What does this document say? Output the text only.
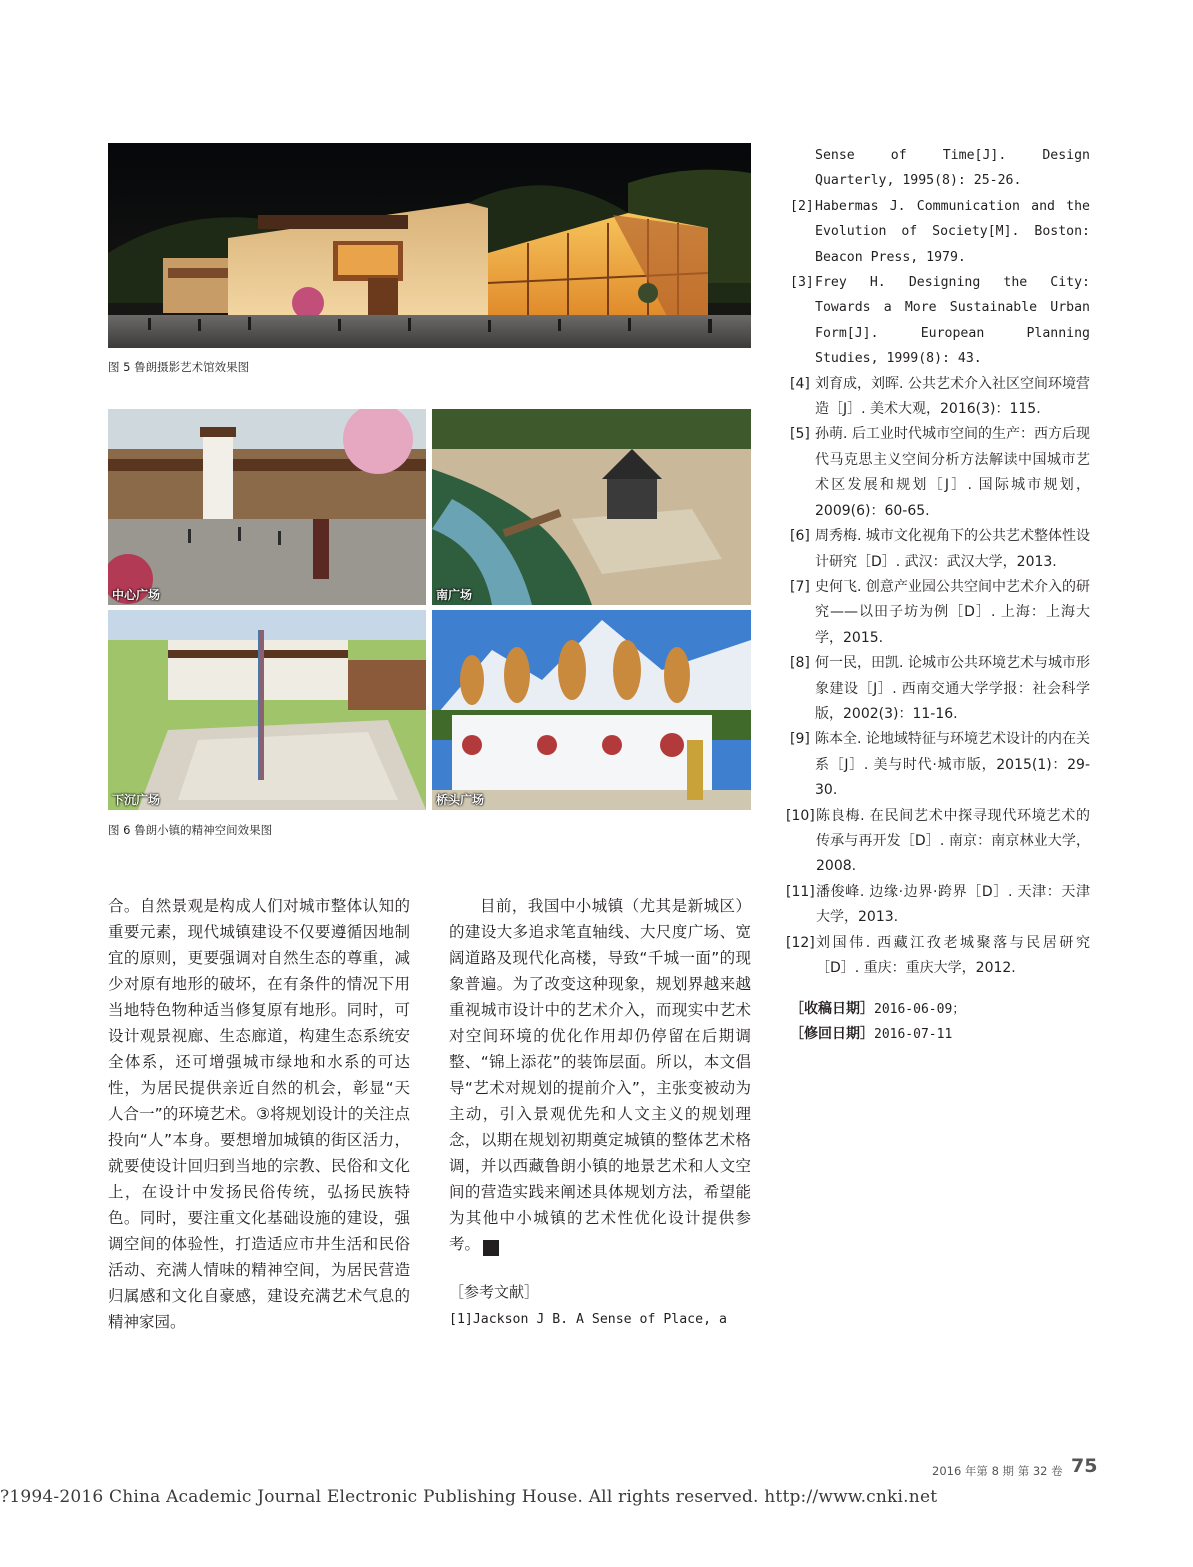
图 5 鲁朗摄影艺术馆效果图
中心广场	南广场
下沉广场	桥头广场
图 6 鲁朗小镇的精神空间效果图

合。自然景观是构成人们对城市整体认知的重要元素，现代城镇建设不仅要遵循因地制宜的原则，更要强调对自然生态的尊重，减少对原有地形的破坏，在有条件的情况下用当地特色物种适当修复原有地形。同时，可设计观景视廊、生态廊道，构建生态系统安全体系，还可增强城市绿地和水系的可达性，为居民提供亲近自然的机会，彰显“天人合一”的环境艺术。③将规划设计的关注点投向“人”本身。要想增加城镇的街区活力，就要使设计回归到当地的宗教、民俗和文化上，在设计中发扬民俗传统，弘扬民族特色。同时，要注重文化基础设施的建设，强调空间的体验性，打造适应市井生活和民俗活动、充满人情味的精神空间，为居民营造归属感和文化自豪感，建设充满艺术气息的精神家园。

目前，我国中小城镇（尤其是新城区）的建设大多追求笔直轴线、大尺度广场、宽阔道路及现代化高楼，导致“千城一面”的现象普遍。为了改变这种现象，规划界越来越重视城市设计中的艺术介入，而现实中艺术对空间环境的优化作用却仍停留在后期调整、“锦上添花”的装饰层面。所以，本文倡导“艺术对规划的提前介入”，主张变被动为主动，引入景观优先和人文主义的规划理念，以期在规划初期奠定城镇的整体艺术格调，并以西藏鲁朗小镇的地景艺术和人文空间的营造实践来阐述具体规划方法，希望能为其他中小城镇的艺术性优化设计提供参考。	p

［参考文献］
[1]Jackson J B. A Sense of Place, a
Sense of Time[J]. Design Quarterly, 1995(8): 25-26.
[2] Habermas J. Communication and the Evolution of Society[M]. Boston: Beacon Press, 1979.
[3] Frey H. Designing the City: Towards a More Sustainable Urban Form[J]. European Planning Studies, 1999(8): 43.
[4] 刘育成，刘晖. 公共艺术介入社区空间环境营造［J］. 美术大观，2016(3)：115.
[5] 孙萌. 后工业时代城市空间的生产：西方后现代马克思主义空间分析方法解读中国城市艺术区发展和规划［J］. 国际城市规划，2009(6)：60-65.
[6] 周秀梅. 城市文化视角下的公共艺术整体性设计研究［D］. 武汉：武汉大学，2013.
[7] 史何飞. 创意产业园公共空间中艺术介入的研究——以田子坊为例［D］. 上海：上海大学，2015.
[8] 何一民，田凯. 论城市公共环境艺术与城市形象建设［J］. 西南交通大学学报：社会科学版，2002(3)：11-16.
[9] 陈本全. 论地域特征与环境艺术设计的内在关系［J］. 美与时代·城市版，2015(1)：29-30.
[10] 陈良梅. 在民间艺术中探寻现代环境艺术的传承与再开发［D］. 南京：南京林业大学，2008.
[11] 潘俊峰. 边缘·边界·跨界［D］. 天津：天津大学，2013.
[12] 刘国伟. 西藏江孜老城聚落与民居研究［D］. 重庆：重庆大学，2012.
［收稿日期］2016-06-09；
［修回日期］2016-07-11
2016 年第 8 期 第 32 卷 75
?1994-2016 China Academic Journal Electronic Publishing House. All rights reserved. http://www.cnki.net
